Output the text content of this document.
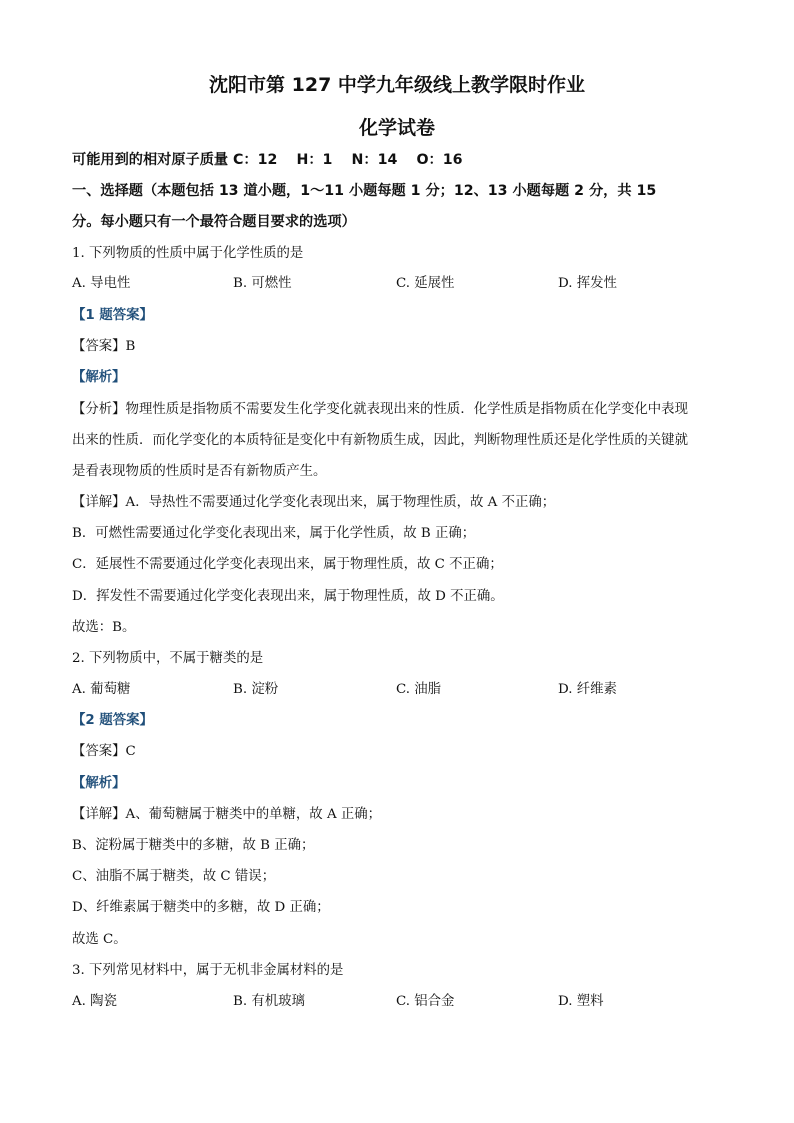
沈阳市第 127 中学九年级线上教学限时作业
化学试卷
可能用到的相对原子质量 C：12　 H：1　 N：14　 O：16
一、选择题（本题包括 13 道小题，1～11 小题每题 1 分；12、13 小题每题 2 分，共 15
分。每小题只有一个最符合题目要求的选项）
1. 下列物质的性质中属于化学性质的是
A. 导电性	B. 可燃性	C. 延展性	D. 挥发性
【1 题答案】
【答案】B
【解析】
【分析】物理性质是指物质不需要发生化学变化就表现出来的性质．化学性质是指物质在化学变化中表现
出来的性质．而化学变化的本质特征是变化中有新物质生成，因此，判断物理性质还是化学性质的关键就
是看表现物质的性质时是否有新物质产生。
【详解】A．导热性不需要通过化学变化表现出来，属于物理性质，故 A 不正确；
B．可燃性需要通过化学变化表现出来，属于化学性质，故 B 正确；
C．延展性不需要通过化学变化表现出来，属于物理性质，故 C 不正确；
D．挥发性不需要通过化学变化表现出来，属于物理性质，故 D 不正确。
故选：B。
2. 下列物质中，不属于糖类的是
A. 葡萄糖	B. 淀粉	C. 油脂	D. 纤维素
【2 题答案】
【答案】C
【解析】
【详解】A、葡萄糖属于糖类中的单糖，故 A 正确；
B、淀粉属于糖类中的多糖，故 B 正确；
C、油脂不属于糖类，故 C 错误；
D、纤维素属于糖类中的多糖，故 D 正确；
故选 C。
3. 下列常见材料中，属于无机非金属材料的是
A. 陶瓷	B. 有机玻璃	C. 铝合金	D. 塑料
